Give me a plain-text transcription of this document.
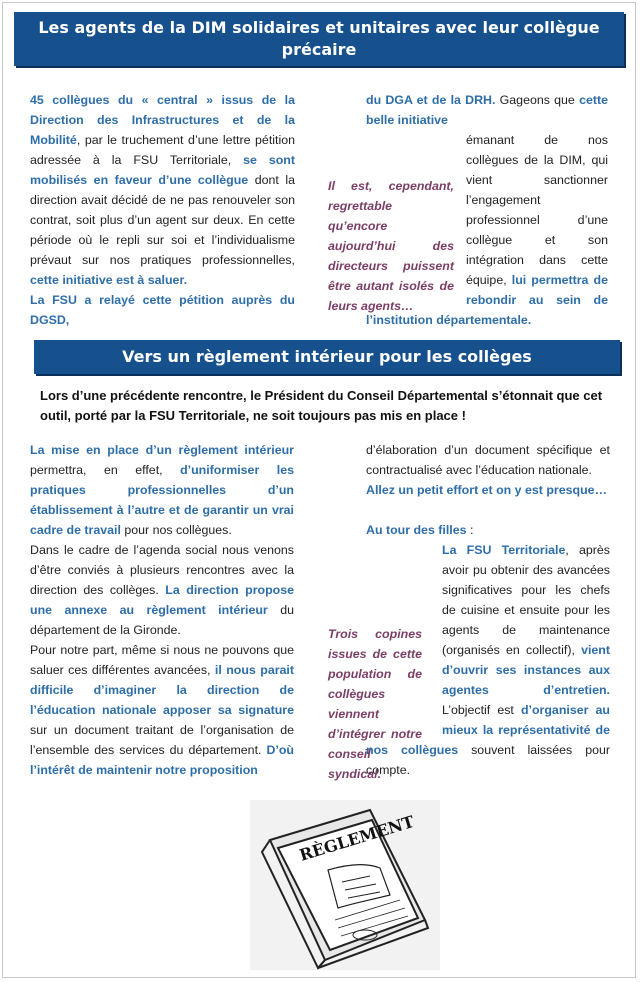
Les agents de la DIM solidaires et unitaires avec leur collègue précaire

45 collègues du « central » issus de la Direction des Infrastructures et de la Mobilité, par le truchement d’une lettre pétition adressée à la FSU Territoriale, se sont mobilisés en faveur d’une collègue dont la direction avait décidé de ne pas renouveler son contrat, soit plus d’un agent sur deux. En cette période où le repli sur soi et l’individualisme prévaut sur nos pratiques professionnelles, cette initiative est à saluer.

La FSU a relayé cette pétition auprès du DGSD,

Il est, cependant, regrettable qu’encore aujourd’hui des directeurs puissent être autant isolés de leurs agents…

du DGA et de la DRH. Gageons que cette belle initiative

émanant de nos collègues de la DIM, qui vient sanctionner l’engagement professionnel d’une collègue et son intégration dans cette équipe, lui permettra de rebondir au sein de l’institution départementale.
Vers un règlement intérieur pour les collèges
Lors d’une précédente rencontre, le Président du Conseil Départemental s’étonnait que cet outil, porté par la FSU Territoriale, ne soit toujours pas mis en place !

La mise en place d’un règlement intérieur permettra, en effet, d’uniformiser les pratiques professionnelles d’un établissement à l’autre et de garantir un vrai cadre de travail pour nos collègues.

Dans le cadre de l’agenda social nous venons d’être conviés à plusieurs rencontres avec la direction des collèges. La direction propose une annexe au règlement intérieur du département de la Gironde.

Pour notre part, même si nous ne pouvons que saluer ces différentes avancées, il nous parait difficile d’imaginer la direction de l’éducation nationale apposer sa signature sur un document traitant de l’organisation de l’ensemble des services du département. D’où l’intérêt de maintenir notre proposition

d’élaboration d’un document spécifique et contractualisé avec l’éducation nationale.

Allez un petit effort et on y est presque…

Au tour des filles :

La FSU Territoriale, après avoir pu obtenir des avancées significatives pour les chefs de cuisine et ensuite pour les agents de maintenance (organisés en collectif), vient d’ouvrir ses instances aux agentes d’entretien. L’objectif est d’organiser au mieux la représentativité de nos collègues souvent laissées pour compte.
Trois copines issues de cette population de collègues viennent d’intégrer notre conseil syndical.
RÈGLEMENT
